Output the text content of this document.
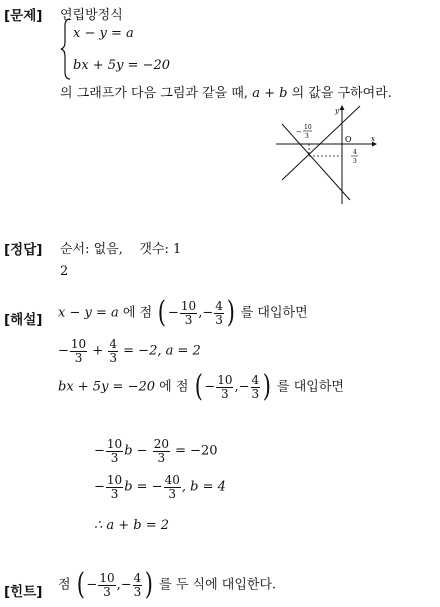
[문제] 연립방정식
x − y = a
bx + 5y = −20
의 그래프가 다음 그림과 같을 때, a + b 의 값을 구하여라.
y
x
O
−
10
3
4
3
[정답] 순서: 없음,    갯수: 1
2
[해설] x − y = a 에 점 ( − $\frac{10}{3}$ ,− $\frac{4}{3}$ ) 를 대입하면
− $\frac{10}{3} + \frac{4}{3} = -2$, a = 2
bx + 5y = −20 에 점 ( − $\frac{10}{3}$ ,− $\frac{4}{3}$ ) 를 대입하면
− $\frac{10}{3}$ $b - \frac{20}{3} = -20$
− $\frac{10}{3}$ b = − $\frac{40}{3}$ , b = 4
∴ a + b = 2
[힌트] 점 ( − $\frac{10}{3}$ ,− $\frac{4}{3}$ ) 를 두 식에 대입한다.
